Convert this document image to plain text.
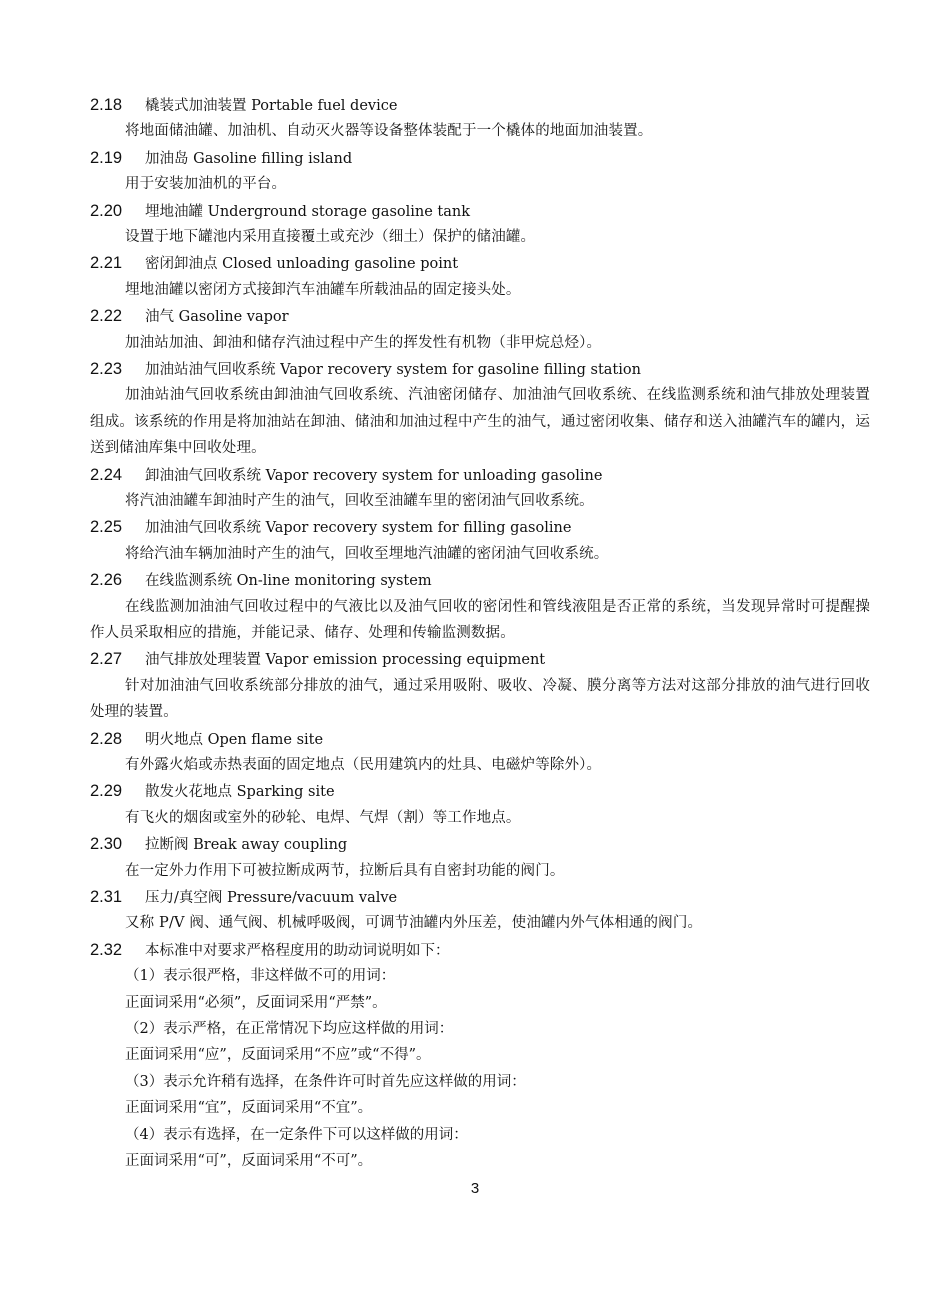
2.18	橇装式加油装置 Portable fuel device

将地面储油罐、加油机、自动灭火器等设备整体装配于一个橇体的地面加油装置。

2.19	加油岛 Gasoline filling island

用于安装加油机的平台。

2.20	埋地油罐 Underground storage gasoline tank

设置于地下罐池内采用直接覆土或充沙（细土）保护的储油罐。

2.21	密闭卸油点 Closed unloading gasoline point

埋地油罐以密闭方式接卸汽车油罐车所载油品的固定接头处。

2.22	油气 Gasoline vapor

加油站加油、卸油和储存汽油过程中产生的挥发性有机物（非甲烷总烃）。

2.23	加油站油气回收系统 Vapor recovery system for gasoline filling station

加油站油气回收系统由卸油油气回收系统、汽油密闭储存、加油油气回收系统、在线监测系统和油气排放处理装置组成。该系统的作用是将加油站在卸油、储油和加油过程中产生的油气，通过密闭收集、储存和送入油罐汽车的罐内，运送到储油库集中回收处理。

2.24	卸油油气回收系统 Vapor recovery system for unloading gasoline

将汽油油罐车卸油时产生的油气，回收至油罐车里的密闭油气回收系统。

2.25	加油油气回收系统 Vapor recovery system for filling gasoline

将给汽油车辆加油时产生的油气，回收至埋地汽油罐的密闭油气回收系统。

2.26	在线监测系统 On-line monitoring system

在线监测加油油气回收过程中的气液比以及油气回收的密闭性和管线液阻是否正常的系统，当发现异常时可提醒操作人员采取相应的措施，并能记录、储存、处理和传输监测数据。

2.27	油气排放处理装置 Vapor emission processing equipment

针对加油油气回收系统部分排放的油气，通过采用吸附、吸收、冷凝、膜分离等方法对这部分排放的油气进行回收处理的装置。

2.28	明火地点 Open flame site

有外露火焰或赤热表面的固定地点（民用建筑内的灶具、电磁炉等除外）。

2.29	散发火花地点 Sparking site

有飞火的烟囱或室外的砂轮、电焊、气焊（割）等工作地点。

2.30	拉断阀 Break away coupling

在一定外力作用下可被拉断成两节，拉断后具有自密封功能的阀门。

2.31	压力/真空阀 Pressure/vacuum valve

又称 P/V 阀、通气阀、机械呼吸阀，可调节油罐内外压差，使油罐内外气体相通的阀门。

2.32	本标准中对要求严格程度用的助动词说明如下：
（1）表示很严格，非这样做不可的用词：
正面词采用“必须”，反面词采用“严禁”。
（2）表示严格，在正常情况下均应这样做的用词：
正面词采用“应”，反面词采用“不应”或“不得”。
（3）表示允许稍有选择，在条件许可时首先应这样做的用词：
正面词采用“宜”，反面词采用“不宜”。
（4）表示有选择，在一定条件下可以这样做的用词：
正面词采用“可”，反面词采用“不可”。
3
